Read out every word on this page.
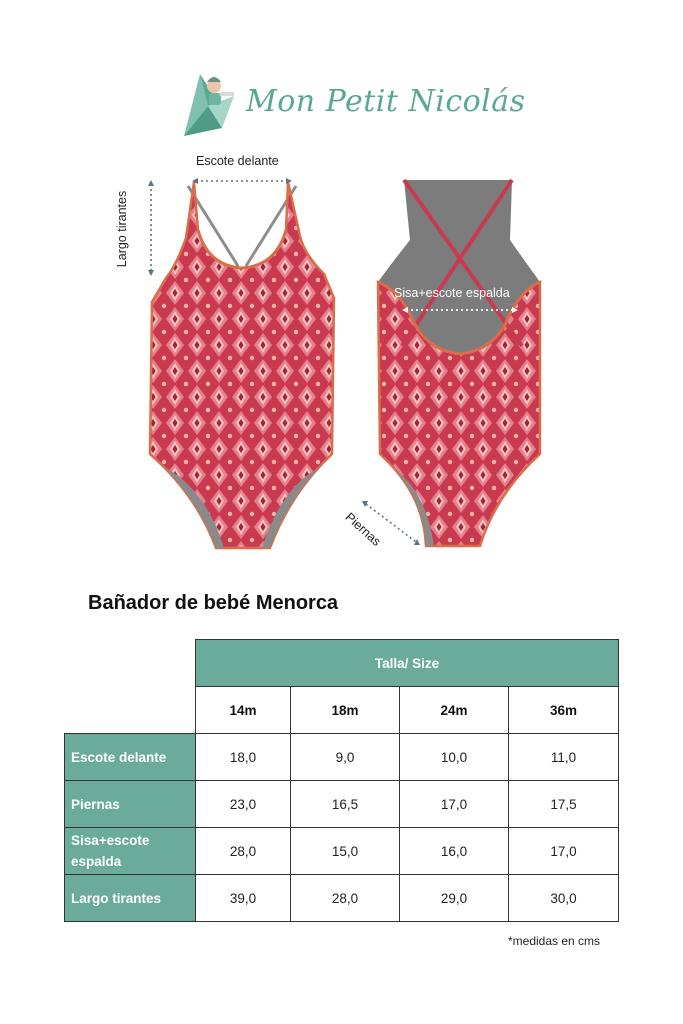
Mon Petit Nicolás
Escote delante
Largo tirantes
Sisa+escote espalda
Piernas
Bañador de bebé Menorca
	Talla/ Size			
	14m	18m	24m	36m
Escote delante	18,0	9,0	10,0	11,0
Piernas	23,0	16,5	17,0	17,5
Sisa+escote espalda	28,0	15,0	16,0	17,0
Largo tirantes	39,0	28,0	29,0	30,0
*medidas en cms
